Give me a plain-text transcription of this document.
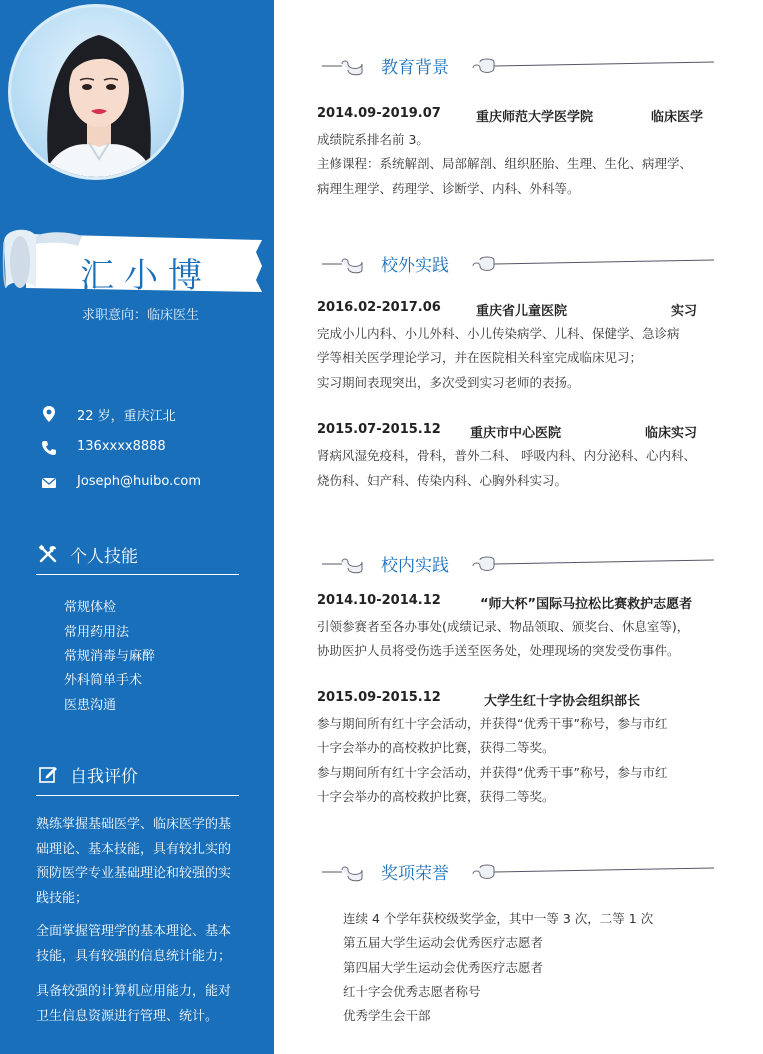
汇小博
求职意向：临床医生
22 岁，重庆江北
136xxxx8888
Joseph@huibo.com
个人技能
常规体检
常用药用法
常规消毒与麻醉
外科简单手术
医患沟通
自我评价
熟练掌握基础医学、临床医学的基
础理论、基本技能，具有较扎实的
预防医学专业基础理论和较强的实
践技能；
全面掌握管理学的基本理论、基本
技能，具有较强的信息统计能力；
具备较强的计算机应用能力，能对
卫生信息资源进行管理、统计。
教育背景
2014.09-2019.07	重庆师范大学医学院	临床医学
成绩院系排名前 3。
主修课程：系统解剖、局部解剖、组织胚胎、生理、生化、病理学、
病理生理学、药理学、诊断学、内科、外科等。
校外实践
2016.02-2017.06	重庆省儿童医院	实习
完成小儿内科、小儿外科、小儿传染病学、儿科、保健学、急诊病
学等相关医学理论学习，并在医院相关科室完成临床见习；
实习期间表现突出，多次受到实习老师的表扬。
2015.07-2015.12 重庆市中心医院	临床实习
肾病风湿免疫科，骨科，普外二科、 呼吸内科、内分泌科、心内科、
烧伤科、妇产科、传染内科、心胸外科实习。
校内实践
2014.10-2014.12	“师大杯”国际马拉松比赛救护志愿者
引领参赛者至各办事处(成绩记录、物品领取、颁奖台、休息室等)，
协助医护人员将受伤选手送至医务处，处理现场的突发受伤事件。
2015.09-2015.12	大学生红十字协会组织部长
参与期间所有红十字会活动，并获得“优秀干事”称号，参与市红
十字会举办的高校救护比赛，获得二等奖。
参与期间所有红十字会活动，并获得“优秀干事”称号，参与市红
十字会举办的高校救护比赛，获得二等奖。
奖项荣誉
连续 4 个学年获校级奖学金，其中一等 3 次，二等 1 次
第五届大学生运动会优秀医疗志愿者
第四届大学生运动会优秀医疗志愿者
红十字会优秀志愿者称号
优秀学生会干部
